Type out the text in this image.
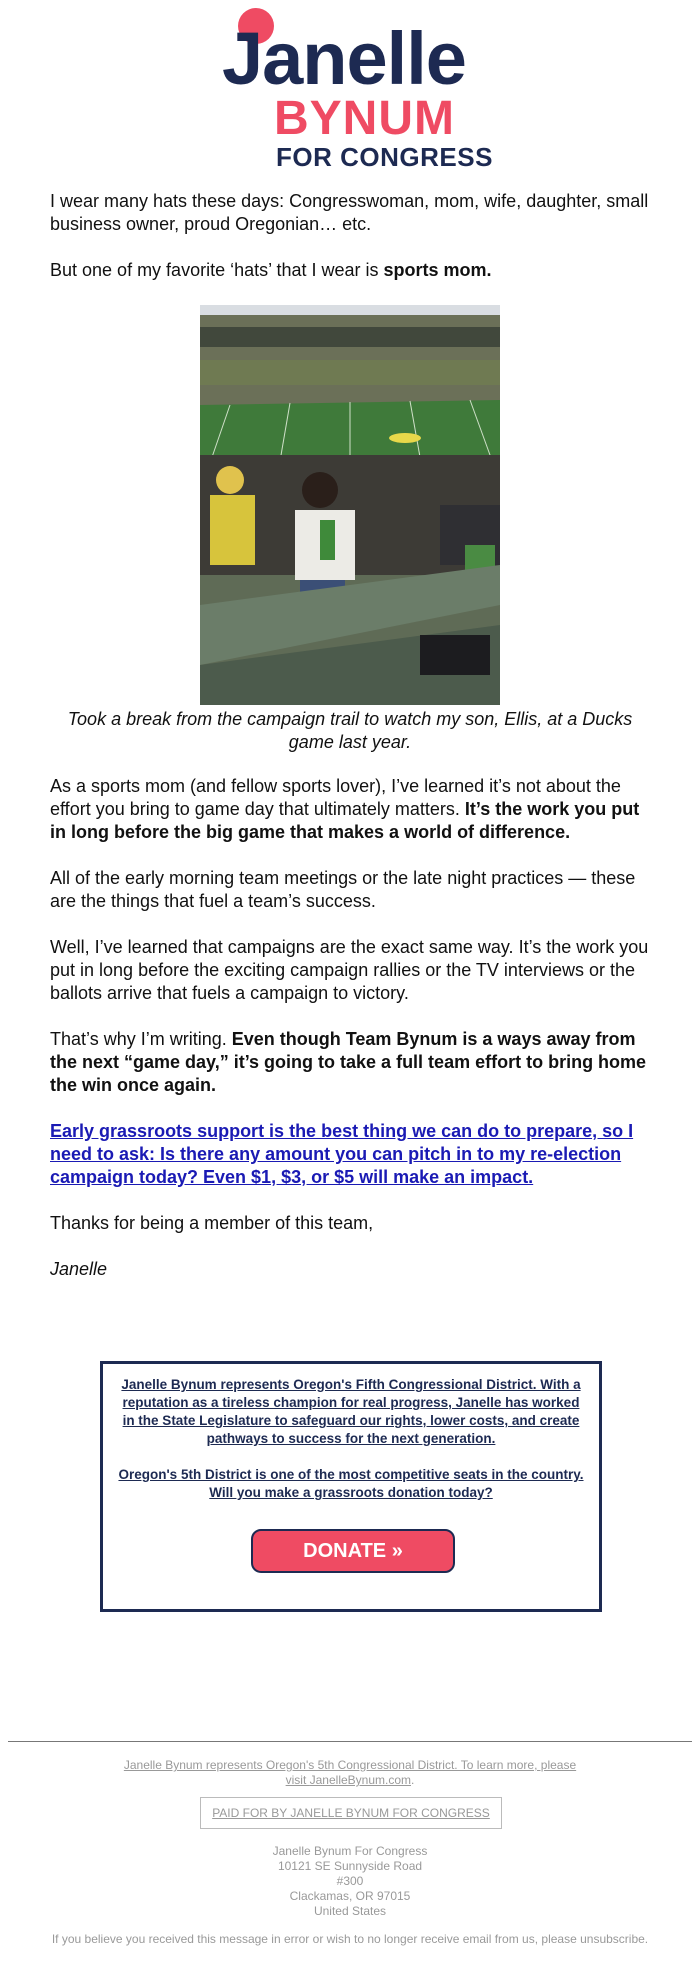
Janelle
BYNUM
FOR CONGRESS

I wear many hats these days: Congresswoman, mom, wife, daughter, small business owner, proud Oregonian… etc.

But one of my favorite ‘hats’ that I wear is sports mom.

Took a break from the campaign trail to watch my son, Ellis, at a Ducks game last year.

As a sports mom (and fellow sports lover), I’ve learned it’s not about the effort you bring to game day that ultimately matters. It’s the work you put in long before the big game that makes a world of difference.

All of the early morning team meetings or the late night practices — these are the things that fuel a team’s success.

Well, I’ve learned that campaigns are the exact same way. It’s the work you put in long before the exciting campaign rallies or the TV interviews or the ballots arrive that fuels a campaign to victory.

That’s why I’m writing. Even though Team Bynum is a ways away from the next “game day,” it’s going to take a full team effort to bring home the win once again.

Early grassroots support is the best thing we can do to prepare, so I need to ask: Is there any amount you can pitch in to my re-election campaign today? Even $1, $3, or $5 will make an impact.

Thanks for being a member of this team,

Janelle

Janelle Bynum represents Oregon's Fifth Congressional District. With a reputation as a tireless champion for real progress, Janelle has worked in the State Legislature to safeguard our rights, lower costs, and create pathways to success for the next generation.
Oregon's 5th District is one of the most competitive seats in the country. Will you make a grassroots donation today?
DONATE »
Janelle Bynum represents Oregon's 5th Congressional District. To learn more, please visit JanelleBynum.com.
PAID FOR BY JANELLE BYNUM FOR CONGRESS
Janelle Bynum For Congress
10121 SE Sunnyside Road
#300
Clackamas, OR 97015
United States
If you believe you received this message in error or wish to no longer receive email from us, please unsubscribe.
